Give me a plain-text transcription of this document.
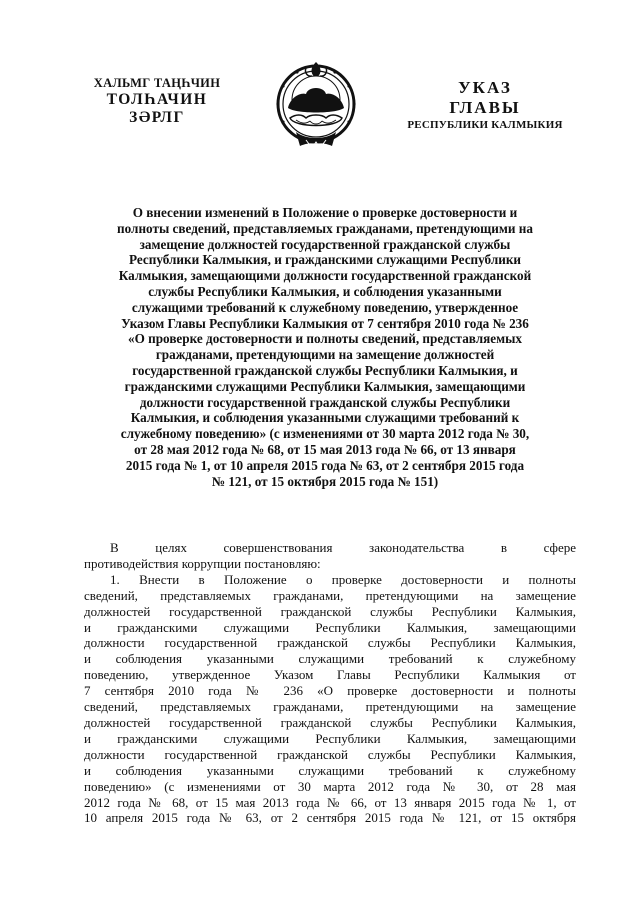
ХАЛЬМГ ТАҢҺЧИН
ТОЛҺАЧИН
ЗӘРЛГ
УКАЗ
ГЛАВЫ
РЕСПУБЛИКИ КАЛМЫКИЯ
О внесении изменений в Положение о проверке достоверности и
полноты сведений, представляемых гражданами, претендующими на
замещение должностей государственной гражданской службы
Республики Калмыкия, и гражданскими служащими Республики
Калмыкия, замещающими должности государственной гражданской
службы Республики Калмыкия, и соблюдения указанными
служащими требований к служебному поведению, утвержденное
Указом Главы Республики Калмыкия от 7 сентября 2010 года № 236
«О проверке достоверности и полноты сведений, представляемых
гражданами, претендующими на замещение должностей
государственной гражданской службы Республики Калмыкия, и
гражданскими служащими Республики Калмыкия, замещающими
должности государственной гражданской службы Республики
Калмыкия, и соблюдения указанными служащими требований к
служебному поведению» (с изменениями от 30 марта 2012 года № 30,
от 28 мая 2012 года № 68, от 15 мая 2013 года № 66, от 13 января
2015 года № 1, от 10 апреля 2015 года № 63, от 2 сентября 2015 года
№ 121, от 15 октября 2015 года № 151)
В целях совершенствования законодательства в сфере
противодействия коррупции постановляю:
1. Внести в Положение о проверке достоверности и полноты
сведений, представляемых гражданами, претендующими на замещение
должностей государственной гражданской службы Республики Калмыкия,
и гражданскими служащими Республики Калмыкия, замещающими
должности государственной гражданской службы Республики Калмыкия,
и соблюдения указанными служащими требований к служебному
поведению, утвержденное Указом Главы Республики Калмыкия от
7 сентября 2010 года № 236 «О проверке достоверности и полноты
сведений, представляемых гражданами, претендующими на замещение
должностей государственной гражданской службы Республики Калмыкия,
и гражданскими служащими Республики Калмыкия, замещающими
должности государственной гражданской службы Республики Калмыкия,
и соблюдения указанными служащими требований к служебному
поведению» (с изменениями от 30 марта 2012 года № 30, от 28 мая
2012 года № 68, от 15 мая 2013 года № 66, от 13 января 2015 года № 1, от
10 апреля 2015 года № 63, от 2 сентября 2015 года № 121, от 15 октября
